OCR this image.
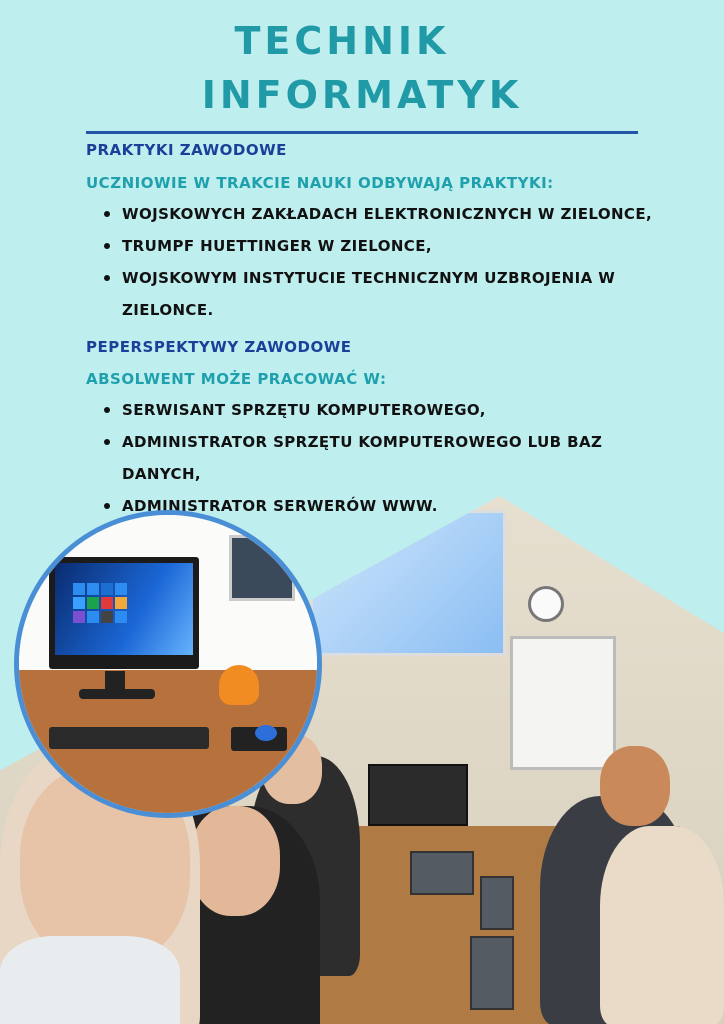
TECHNIK
INFORMATYK
PRAKTYKI ZAWODOWE
UCZNIOWIE W TRAKCIE NAUKI ODBYWAJĄ PRAKTYKI:
WOJSKOWYCH ZAKŁADACH ELEKTRONICZNYCH W ZIELONCE,
TRUMPF HUETTINGER W ZIELONCE,
WOJSKOWYM INSTYTUCIE TECHNICZNYM UZBROJENIA W ZIELONCE.
PEPERSPEKTYWY ZAWODOWE
ABSOLWENT MOŻE PRACOWAĆ W:
SERWISANT SPRZĘTU KOMPUTEROWEGO,
ADMINISTRATOR SPRZĘTU KOMPUTEROWEGO LUB BAZ DANYCH,
ADMINISTRATOR SERWERÓW WWW.
